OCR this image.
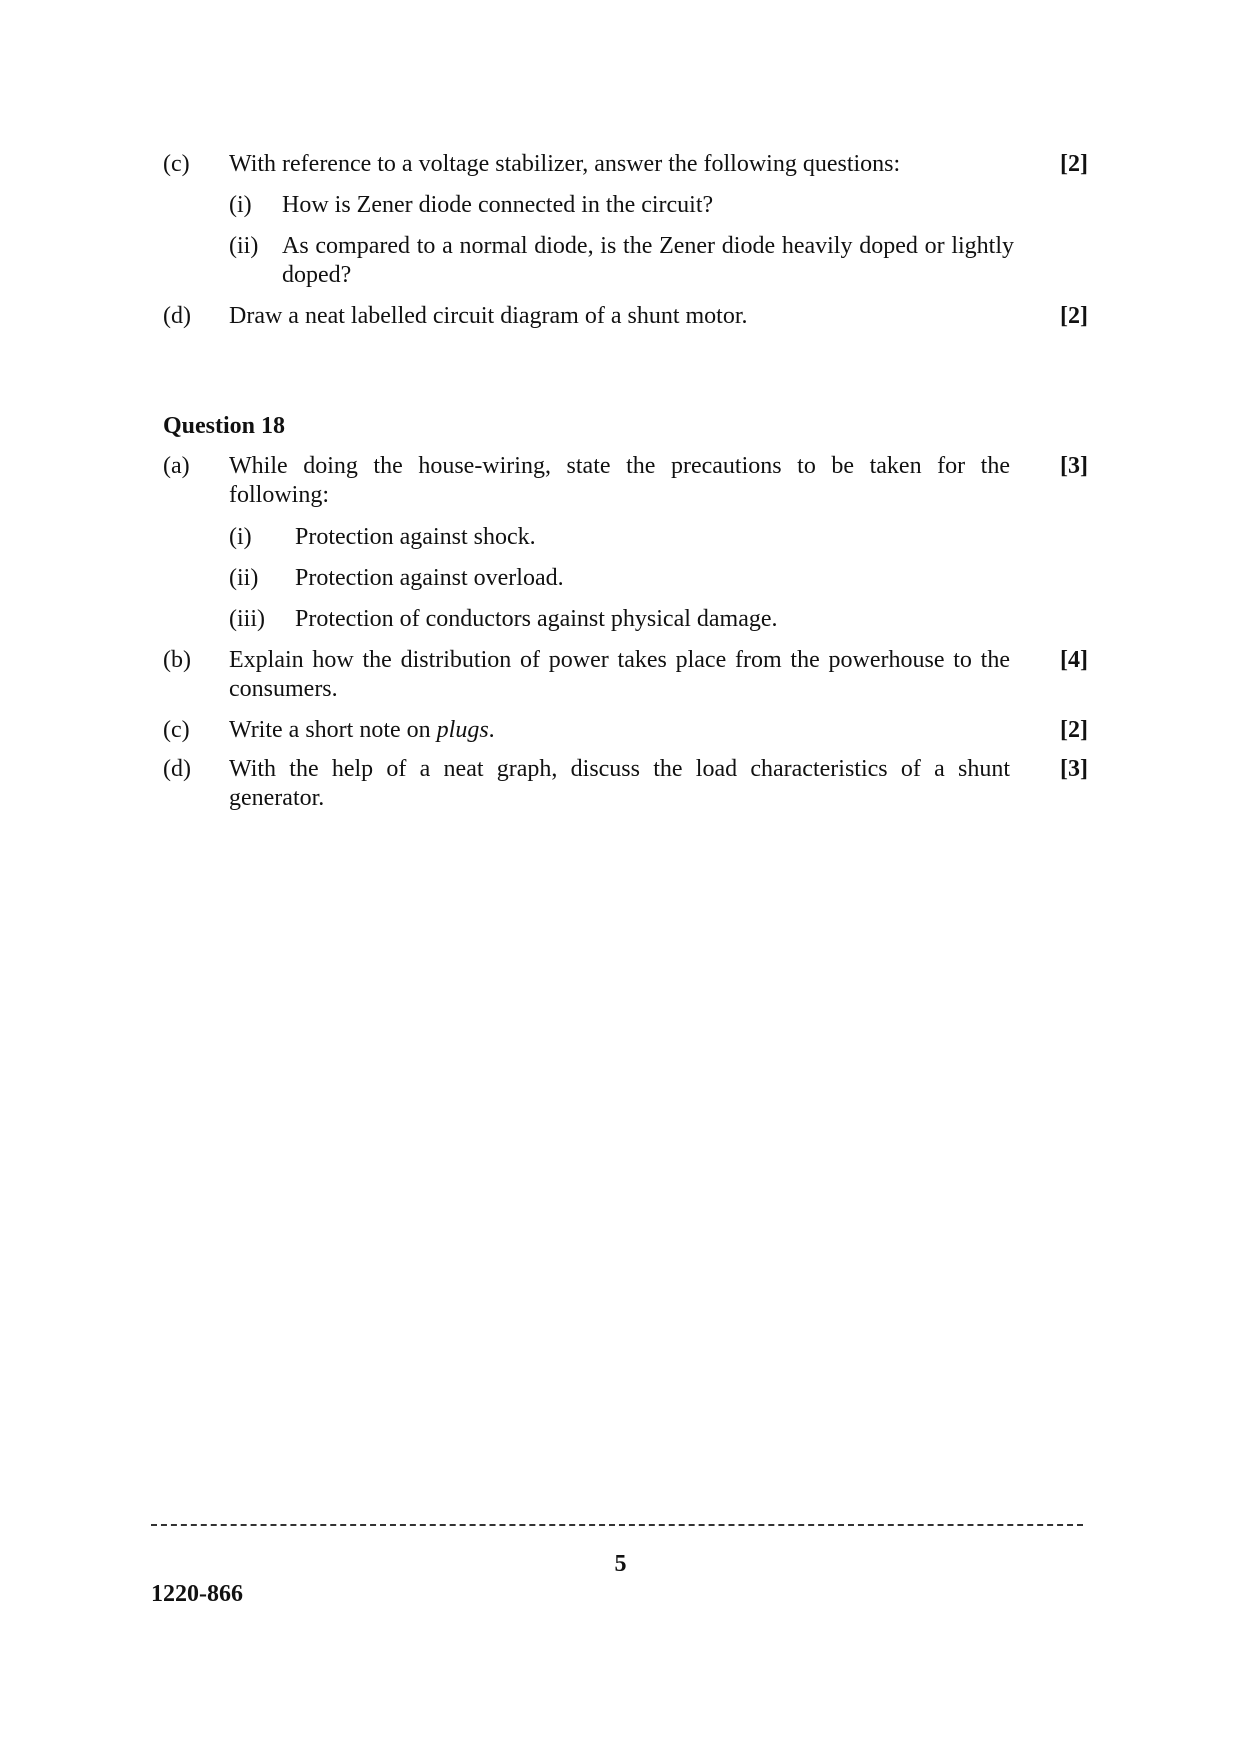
(c) With reference to a voltage stabilizer, answer the following questions:	[2]
(i) How is Zener diode connected in the circuit?
(ii) As compared to a normal diode, is the Zener diode heavily doped or lightly doped?
(d) Draw a neat labelled circuit diagram of a shunt motor.	[2]
Question 18
(a) While doing the house-wiring, state the precautions to be taken for the following:
[3]
(i) Protection against shock.
(ii) Protection against overload.
(iii) Protection of conductors against physical damage.
(b) Explain how the distribution of power takes place from the powerhouse to the consumers.
[4]
(c) Write a short note on plugs.	[2]
(d) With the help of a neat graph, discuss the load characteristics of a shunt generator.
[3]
5
1220-866
